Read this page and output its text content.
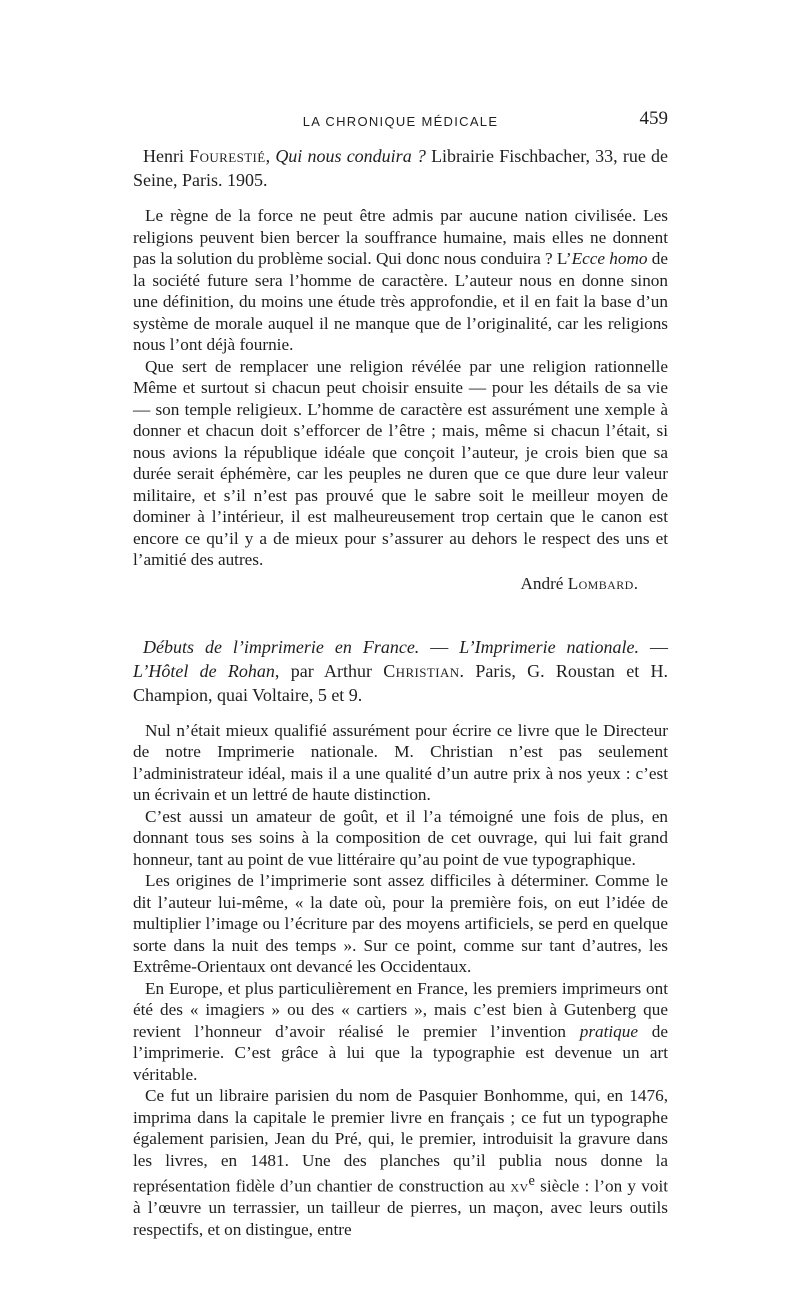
LA CHRONIQUE MÉDICALE	459

Henri Fourestié, Qui nous conduira ? Librairie Fischbacher, 33, rue de Seine, Paris. 1905.

Le règne de la force ne peut être admis par aucune nation civilisée. Les religions peuvent bien bercer la souffrance humaine, mais elles ne donnent pas la solution du problème social. Qui donc nous conduira ? L’Ecce homo de la société future sera l’homme de caractère. L’auteur nous en donne sinon une définition, du moins une étude très approfondie, et il en fait la base d’un système de morale auquel il ne manque que de l’originalité, car les religions nous l’ont déjà fournie.

Que sert de remplacer une religion révélée par une religion rationnelle Même et surtout si chacun peut choisir ensuite — pour les détails de sa vie — son temple religieux. L’homme de caractère est assurément une xemple à donner et chacun doit s’efforcer de l’être ; mais, même si chacun l’était, si nous avions la république idéale que conçoit l’auteur, je crois bien que sa durée serait éphémère, car les peuples ne duren que ce que dure leur valeur militaire, et s’il n’est pas prouvé que le sabre soit le meilleur moyen de dominer à l’intérieur, il est malheureusement trop certain que le canon est encore ce qu’il y a de mieux pour s’assurer au dehors le respect des uns et l’amitié des autres.

André Lombard.

Débuts de l’imprimerie en France. — L’Imprimerie nationale. — L’Hôtel de Rohan, par Arthur Christian. Paris, G. Roustan et H. Champion, quai Voltaire, 5 et 9.

Nul n’était mieux qualifié assurément pour écrire ce livre que le Directeur de notre Imprimerie nationale. M. Christian n’est pas seulement l’administrateur idéal, mais il a une qualité d’un autre prix à nos yeux : c’est un écrivain et un lettré de haute distinction.

C’est aussi un amateur de goût, et il l’a témoigné une fois de plus, en donnant tous ses soins à la composition de cet ouvrage, qui lui fait grand honneur, tant au point de vue littéraire qu’au point de vue typographique.

Les origines de l’imprimerie sont assez difficiles à déterminer. Comme le dit l’auteur lui-même, « la date où, pour la première fois, on eut l’idée de multiplier l’image ou l’écriture par des moyens artificiels, se perd en quelque sorte dans la nuit des temps ». Sur ce point, comme sur tant d’autres, les Extrême-Orientaux ont devancé les Occidentaux.

En Europe, et plus particulièrement en France, les premiers imprimeurs ont été des « imagiers » ou des « cartiers », mais c’est bien à Gutenberg que revient l’honneur d’avoir réalisé le premier l’invention pratique de l’imprimerie. C’est grâce à lui que la typographie est devenue un art véritable.

Ce fut un libraire parisien du nom de Pasquier Bonhomme, qui, en 1476, imprima dans la capitale le premier livre en français ; ce fut un typographe également parisien, Jean du Pré, qui, le premier, introduisit la gravure dans les livres, en 1481. Une des planches qu’il publia nous donne la représentation fidèle d’un chantier de construction au $xv^e$ siècle : l’on y voit à l’œuvre un terrassier, un tailleur de pierres, un maçon, avec leurs outils respectifs, et on distingue, entre
